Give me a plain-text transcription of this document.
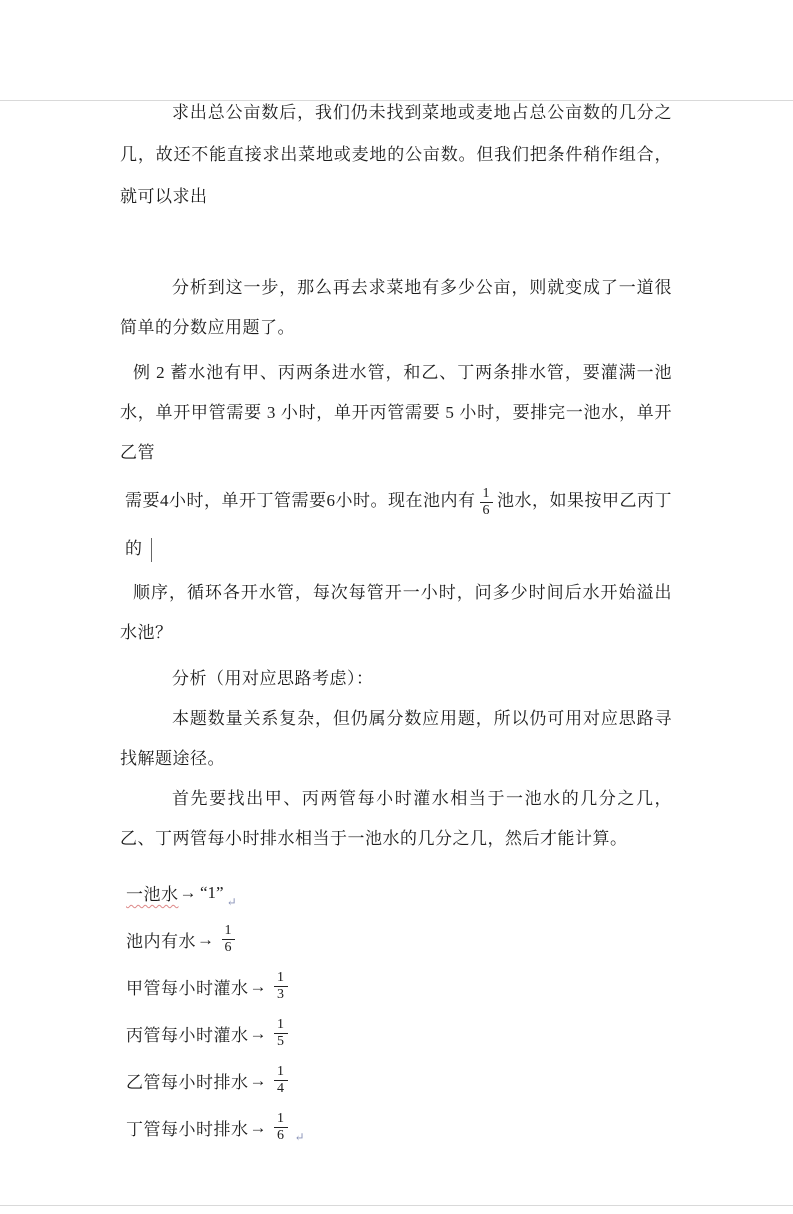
求出总公亩数后，我们仍未找到菜地或麦地占总公亩数的几分之几，故还不能直接求出菜地或麦地的公亩数。但我们把条件稍作组合，就可以求出

分析到这一步，那么再去求菜地有多少公亩，则就变成了一道很简单的分数应用题了。

例 2 蓄水池有甲、丙两条进水管，和乙、丁两条排水管，要灌满一池水，单开甲管需要 3 小时，单开丙管需要 5 小时，要排完一池水，单开乙管

需要4小时，单开丁管需要6小时。现在池内有 $\frac{1}{6}$ 池水，如果按甲乙丙丁的

顺序，循环各开水管，每次每管开一小时，问多少时间后水开始溢出水池？

分析（用对应思路考虑）：

本题数量关系复杂，但仍属分数应用题，所以仍可用对应思路寻找解题途径。

首先要找出甲、丙两管每小时灌水相当于一池水的几分之几，乙、丁两管每小时排水相当于一池水的几分之几，然后才能计算。

一池水 → “1”
↵
池内有水 → $\frac{1}{6}$
甲管每小时灌水 → $\frac{1}{3}$
丙管每小时灌水 → $\frac{1}{5}$
乙管每小时排水 → $\frac{1}{4}$
丁管每小时排水 → $\frac{1}{6}$ ↵
